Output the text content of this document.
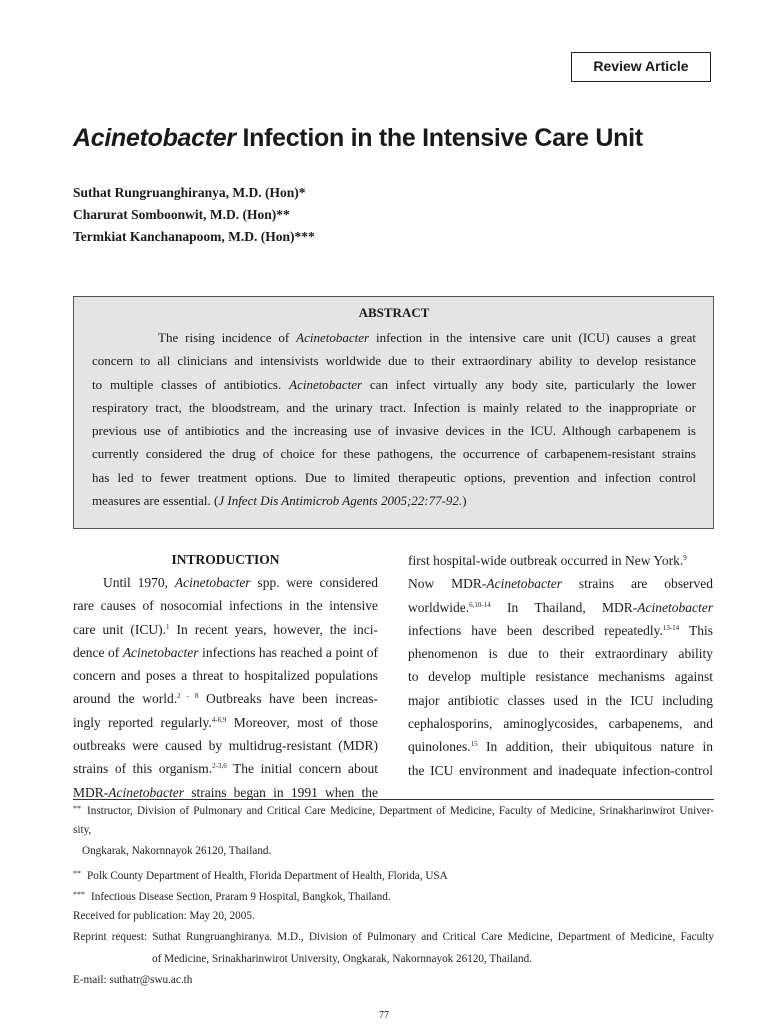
Review Article
Acinetobacter Infection in the Intensive Care Unit
Suthat Rungruanghiranya, M.D. (Hon)*
Charurat Somboonwit, M.D. (Hon)**
Termkiat Kanchanapoom, M.D. (Hon)***
ABSTRACT
The rising incidence of Acinetobacter infection in the intensive care unit (ICU) causes a great
concern to all clinicians and intensivists worldwide due to their extraordinary ability to develop resistance
to multiple classes of antibiotics. Acinetobacter can infect virtually any body site, particularly the lower
respiratory tract, the bloodstream, and the urinary tract. Infection is mainly related to the inappropriate or
previous use of antibiotics and the increasing use of invasive devices in the ICU. Although carbapenem is
currently considered the drug of choice for these pathogens, the occurrence of carbapenem-resistant strains
has led to fewer treatment options. Due to limited therapeutic options, prevention and infection control
measures are essential. (J Infect Dis Antimicrob Agents 2005;22:77-92.)
INTRODUCTION
Until 1970, Acinetobacter spp. were considered
rare causes of nosocomial infections in the intensive
care unit (ICU).$^1$ In recent years, however, the inci-
dence of Acinetobacter infections has reached a point of
concern and poses a threat to hospitalized populations
around the world.$^{2 - 8}$ Outbreaks have been increas-
ingly reported regularly.$^{4-6,9}$ Moreover, most of those
outbreaks were caused by multidrug-resistant (MDR)
strains of this organism.$^{2-3,6}$ The initial concern about
MDR-Acinetobacter strains began in 1991 when the
first hospital-wide outbreak occurred in New York.$^9$
Now MDR-Acinetobacter strains are observed
worldwide.$^{6,10-14}$ In Thailand, MDR-Acinetobacter
infections have been described repeatedly.$^{13-14}$ This
phenomenon is due to their extraordinary ability
to develop multiple resistance mechanisms against
major antibiotic classes used in the ICU including
cephalosporins, aminoglycosides, carbapenems, and
quinolones.$^{15}$ In addition, their ubiquitous nature in
the ICU environment and inadequate infection-control
** Instructor, Division of Pulmonary and Critical Care Medicine, Department of Medicine, Faculty of Medicine, Srinakharinwirot Univer-
sity,
Ongkarak, Nakornnayok 26120, Thailand.
** Polk County Department of Health, Florida Department of Health, Florida, USA
*** Infectious Disease Section, Praram 9 Hospital, Bangkok, Thailand.
Received for publication: May 20, 2005.
Reprint request: Suthat Rungruanghiranya. M.D., Division of Pulmonary and Critical Care Medicine, Department of Medicine, Faculty
of Medicine, Srinakharinwirot University, Ongkarak, Nakornnayok 26120, Thailand.
E-mail: suthatr@swu.ac.th
77
